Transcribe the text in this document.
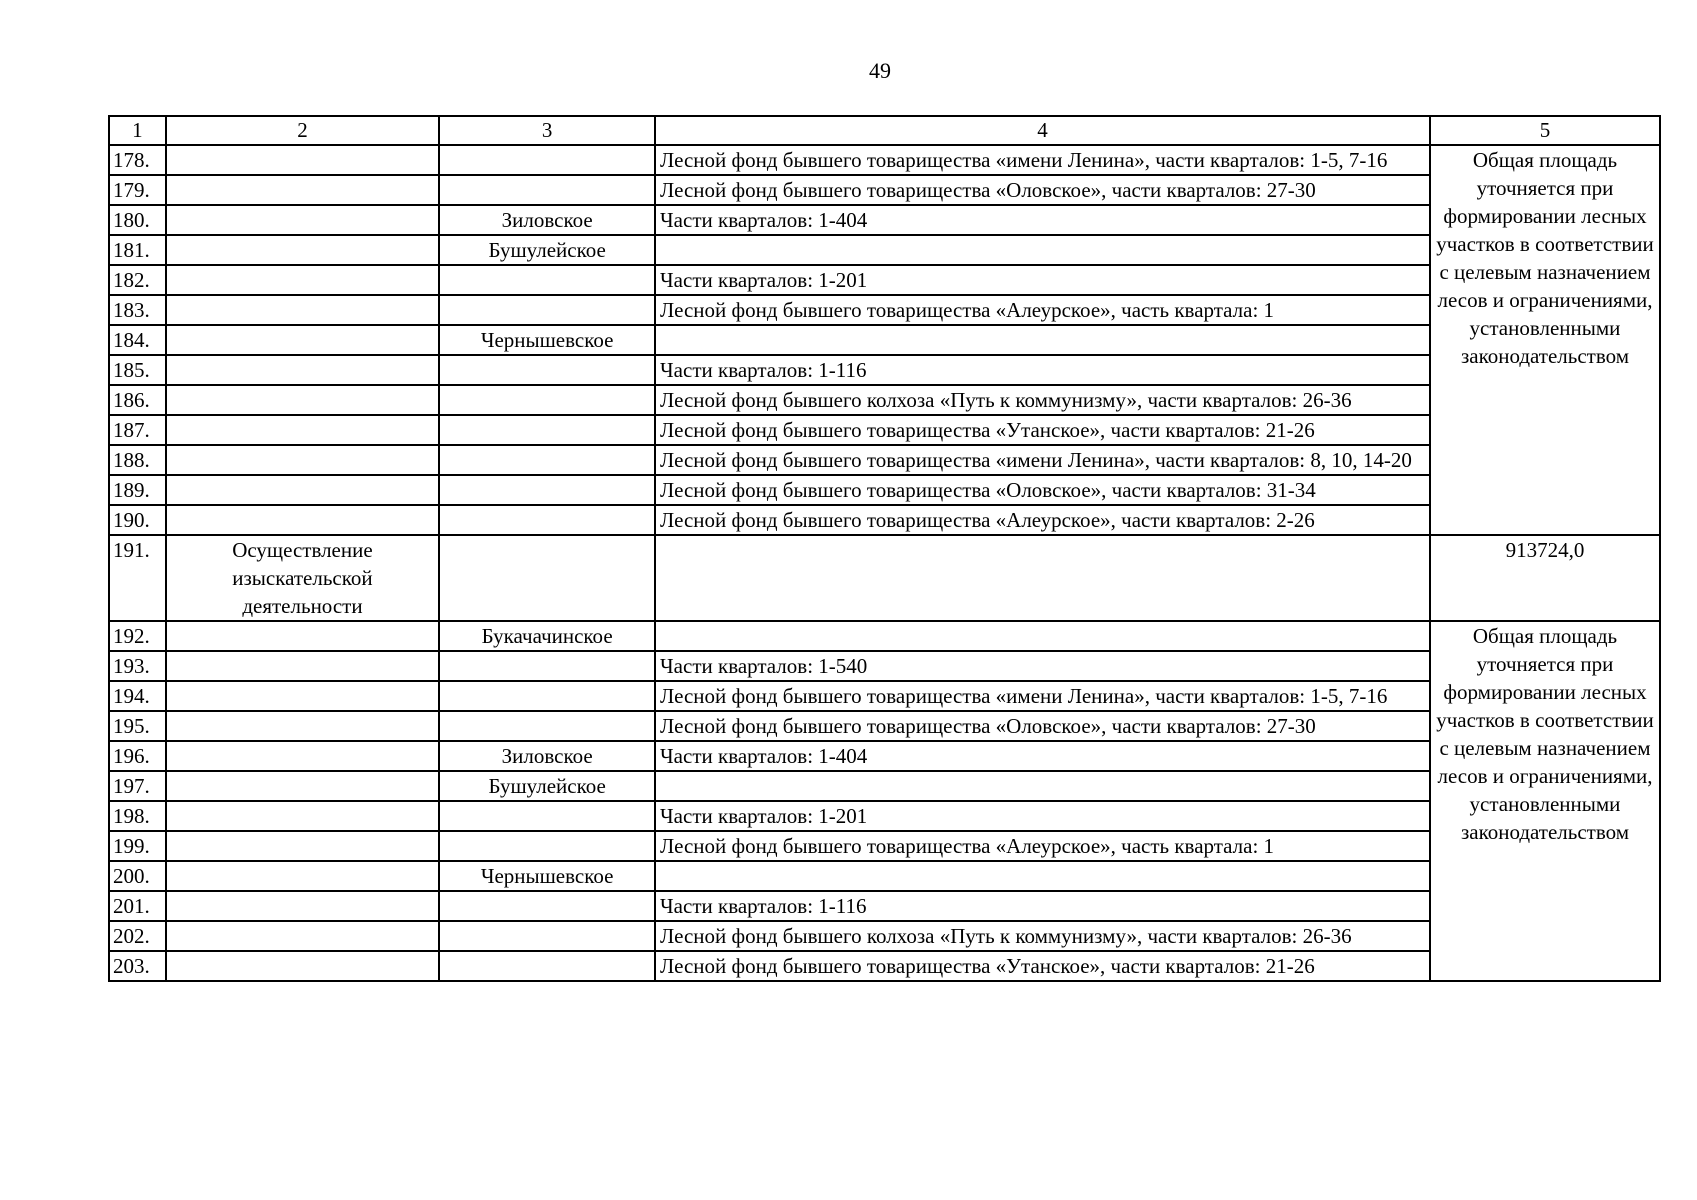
49
1	2	3	4	5
178.			Лесной фонд бывшего товарищества «имени Ленина», части кварталов: 1-5, 7-16	Общая площадь уточняется при формировании лесных участков в соответствии с целевым назначением лесов и ограничениями, установленными законодательством
179.			Лесной фонд бывшего товарищества «Оловское», части кварталов: 27-30	
180.		Зиловское	Части кварталов: 1-404	
181.		Бушулейское		
182.			Части кварталов: 1-201	
183.			Лесной фонд бывшего товарищества «Алеурское», часть квартала: 1	
184.		Чернышевское		
185.			Части кварталов: 1-116	
186.			Лесной фонд бывшего колхоза «Путь к коммунизму», части кварталов: 26-36	
187.			Лесной фонд бывшего товарищества «Утанское», части кварталов: 21-26	
188.			Лесной фонд бывшего товарищества «имени Ленина», части кварталов: 8, 10, 14-20	
189.			Лесной фонд бывшего товарищества «Оловское», части кварталов: 31-34	
190.			Лесной фонд бывшего товарищества «Алеурское», части кварталов: 2-26	
191.	Осуществление изыскательской деятельности			913724,0
192.		Букачачинское		Общая площадь уточняется при формировании лесных участков в соответствии с целевым назначением лесов и ограничениями, установленными законодательством
193.			Части кварталов: 1-540	
194.			Лесной фонд бывшего товарищества «имени Ленина», части кварталов: 1-5, 7-16	
195.			Лесной фонд бывшего товарищества «Оловское», части кварталов: 27-30	
196.		Зиловское	Части кварталов: 1-404	
197.		Бушулейское		
198.			Части кварталов: 1-201	
199.			Лесной фонд бывшего товарищества «Алеурское», часть квартала: 1	
200.		Чернышевское		
201.			Части кварталов: 1-116	
202.			Лесной фонд бывшего колхоза «Путь к коммунизму», части кварталов: 26-36	
203.			Лесной фонд бывшего товарищества «Утанское», части кварталов: 21-26	
